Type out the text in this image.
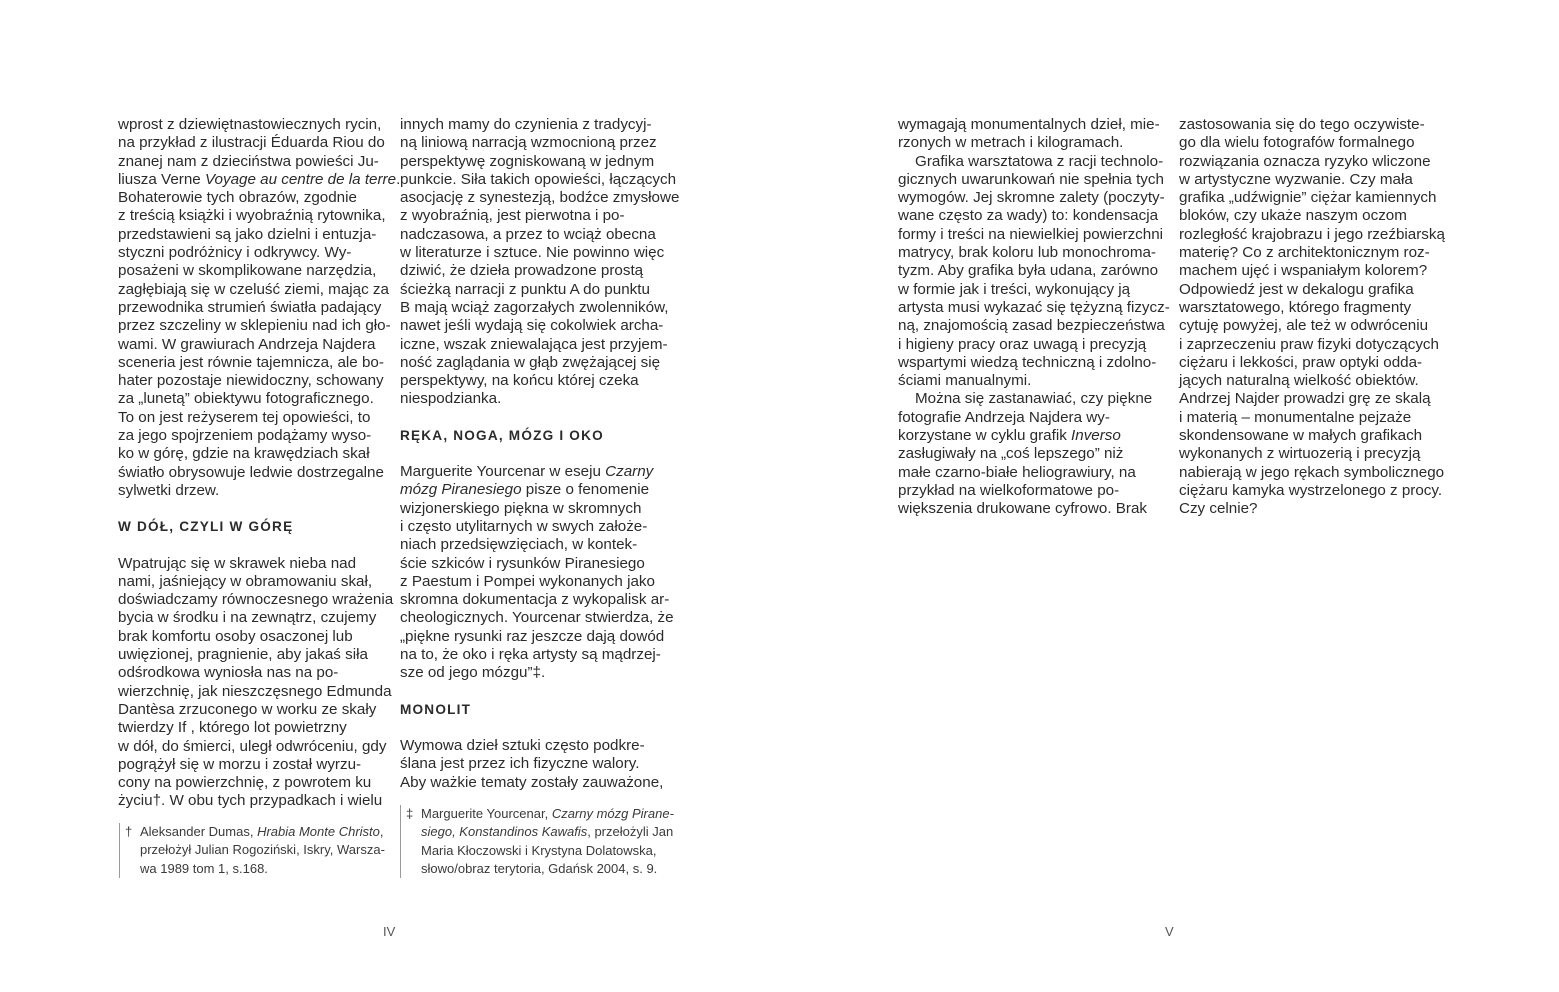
wprost z dziewiętnastowiecznych rycin,
na przykład z ilustracji Éduarda Riou do
znanej nam z dzieciństwa powieści Ju-
liusza Verne Voyage au centre de la terre.
Bohaterowie tych obrazów, zgodnie
z treścią książki i wyobraźnią rytownika,
przedstawieni są jako dzielni i entuzja-
styczni podróżnicy i odkrywcy. Wy-
posażeni w skomplikowane narzędzia,
zagłębiają się w czeluść ziemi, mając za
przewodnika strumień światła padający
przez szczeliny w sklepieniu nad ich gło-
wami. W grawiurach Andrzeja Najdera
sceneria jest równie tajemnicza, ale bo-
hater pozostaje niewidoczny, schowany
za „lunetą” obiektywu fotograficznego.
To on jest reżyserem tej opowieści, to
za jego spojrzeniem podążamy wyso-
ko w górę, gdzie na krawędziach skał
światło obrysowuje ledwie dostrzegalne
sylwetki drzew.

W DÓŁ, CZYLI W GÓRĘ

Wpatrując się w skrawek nieba nad
nami, jaśniejący w obramowaniu skał,
doświadczamy równoczesnego wrażenia
bycia w środku i na zewnątrz, czujemy
brak komfortu osoby osaczonej lub
uwięzionej, pragnienie, aby jakaś siła
odśrodkowa wyniosła nas na po-
wierzchnię, jak nieszczęsnego Edmunda
Dantèsa zrzuconego w worku ze skały
twierdzy If , którego lot powietrzny
w dół, do śmierci, uległ odwróceniu, gdy
pogrążył się w morzu i został wyrzu-
cony na powierzchnię, z powrotem ku
życiu†. W obu tych przypadkach i wielu

† Aleksander Dumas, Hrabia Monte Christo,
przełożył Julian Rogoziński, Iskry, Warsza-
wa 1989 tom 1, s.168.

innych mamy do czynienia z tradycyj-
ną liniową narracją wzmocnioną przez
perspektywę zogniskowaną w jednym
punkcie. Siła takich opowieści, łączących
asocjację z synestezją, bodźce zmysłowe
z wyobraźnią, jest pierwotna i po-
nadczasowa, a przez to wciąż obecna
w literaturze i sztuce. Nie powinno więc
dziwić, że dzieła prowadzone prostą
ścieżką narracji z punktu A do punktu
B mają wciąż zagorzałych zwolenników,
nawet jeśli wydają się cokolwiek archa-
iczne, wszak zniewalająca jest przyjem-
ność zaglądania w głąb zwężającej się
perspektywy, na końcu której czeka
niespodzianka.

RĘKA, NOGA, MÓZG I OKO

Marguerite Yourcenar w eseju Czarny
mózg Piranesiego pisze o fenomenie
wizjonerskiego piękna w skromnych
i często utylitarnych w swych założe-
niach przedsięwzięciach, w kontek-
ście szkiców i rysunków Piranesiego
z Paestum i Pompei wykonanych jako
skromna dokumentacja z wykopalisk ar-
cheologicznych. Yourcenar stwierdza, że
„piękne rysunki raz jeszcze dają dowód
na to, że oko i ręka artysty są mądrzej-
sze od jego mózgu”‡.

MONOLIT

Wymowa dzieł sztuki często podkre-
ślana jest przez ich fizyczne walory.
Aby ważkie tematy zostały zauważone,

‡ Marguerite Yourcenar, Czarny mózg Pirane-
siego, Konstandinos Kawafis, przełożyli Jan
Maria Kłoczowski i Krystyna Dolatowska,
słowo/obraz terytoria, Gdańsk 2004, s. 9.
IV

wymagają monumentalnych dzieł, mie-
rzonych w metrach i kilogramach.

Grafika warsztatowa z racji technolo-
gicznych uwarunkowań nie spełnia tych
wymogów. Jej skromne zalety (poczyty-
wane często za wady) to: kondensacja
formy i treści na niewielkiej powierzchni
matrycy, brak koloru lub monochroma-
tyzm. Aby grafika była udana, zarówno
w formie jak i treści, wykonujący ją
artysta musi wykazać się tężyzną fizycz-
ną, znajomością zasad bezpieczeństwa
i higieny pracy oraz uwagą i precyzją
wspartymi wiedzą techniczną i zdolno-
ściami manualnymi.

Można się zastanawiać, czy piękne
fotografie Andrzeja Najdera wy-
korzystane w cyklu grafik Inverso
zasługiwały na „coś lepszego” niż
małe czarno-białe heliograwiury, na
przykład na wielkoformatowe po-
większenia drukowane cyfrowo. Brak

zastosowania się do tego oczywiste-
go dla wielu fotografów formalnego
rozwiązania oznacza ryzyko wliczone
w artystyczne wyzwanie. Czy mała
grafika „udźwignie” ciężar kamiennych
bloków, czy ukaże naszym oczom
rozległość krajobrazu i jego rzeźbiarską
materię? Co z architektonicznym roz-
machem ujęć i wspaniałym kolorem?
Odpowiedź jest w dekalogu grafika
warsztatowego, którego fragmenty
cytuję powyżej, ale też w odwróceniu
i zaprzeczeniu praw fizyki dotyczących
ciężaru i lekkości, praw optyki odda-
jących naturalną wielkość obiektów.
Andrzej Najder prowadzi grę ze skalą
i materią – monumentalne pejzaże
skondensowane w małych grafikach
wykonanych z wirtuozerią i precyzją
nabierają w jego rękach symbolicznego
ciężaru kamyka wystrzelonego z procy.
Czy celnie?

V
